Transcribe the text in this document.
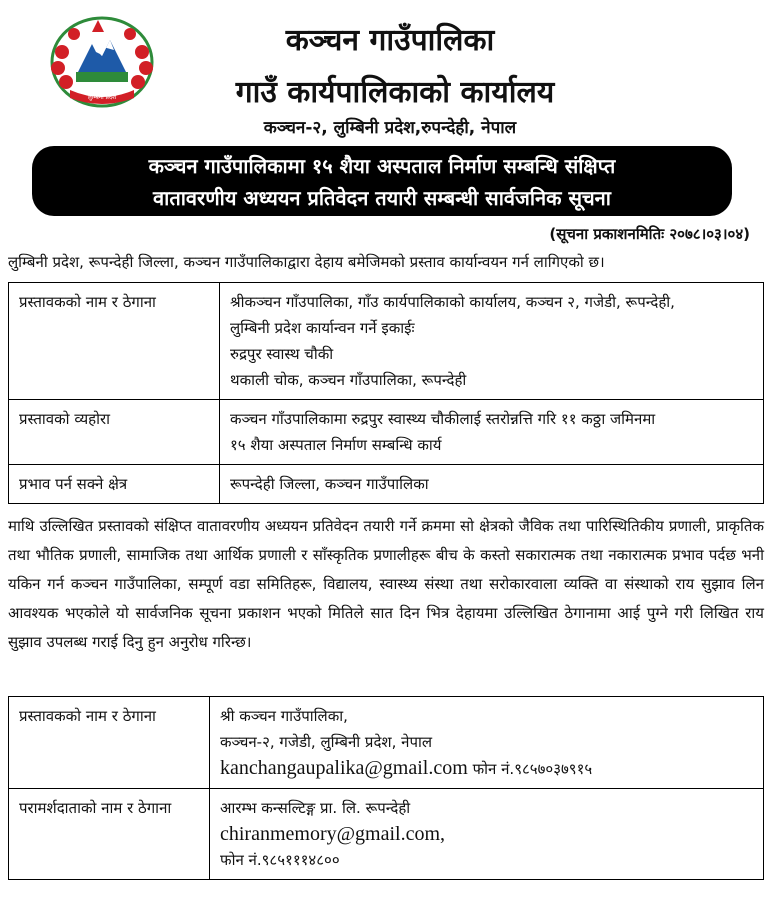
लुम्बिनी प्रदेश
कञ्चन गाउँपालिका
गाउँ कार्यपालिकाको कार्यालय
कञ्चन-२, लुम्बिनी प्रदेश,रुपन्देही, नेपाल
कञ्चन गाउँपालिकामा १५ शैया अस्पताल निर्माण सम्बन्धि संक्षिप्त
वातावरणीय अध्ययन प्रतिवेदन तयारी सम्बन्धी सार्वजनिक सूचना
(सूचना प्रकाशनमितिः २०७८।०३।०४)
लुम्बिनी प्रदेश, रूपन्देही जिल्ला, कञ्चन गाउँपालिकाद्वारा देहाय बमेजिमको प्रस्ताव कार्यान्वयन गर्न लागिएको छ।
प्रस्तावकको नाम र ठेगाना	श्रीकञ्चन गाँउपालिका, गाँउ कार्यपालिकाको कार्यालय, कञ्चन २, गजेडी, रूपन्देही,
लुम्बिनी प्रदेश कार्यान्वन गर्ने इकाईः
रुद्रपुर स्वास्थ चौकी
थकाली चोक, कञ्चन गाँउपालिका, रूपन्देही

प्रस्तावको व्यहोरा	कञ्चन गाँउपालिकामा रुद्रपुर स्वास्थ्य चौकीलाई स्तरोन्नत्ति गरि ११ कठ्ठा जमिनमा
१५ शैया अस्पताल निर्माण सम्बन्धि कार्य

प्रभाव पर्न सक्ने क्षेत्र	रूपन्देही जिल्ला, कञ्चन गाउँपालिका
माथि उल्लिखित प्रस्तावको संक्षिप्त वातावरणीय अध्ययन प्रतिवेदन तयारी गर्ने क्रममा सो क्षेत्रको जैविक तथा पारिस्थितिकीय प्रणाली, प्राकृतिक तथा भौतिक प्रणाली, सामाजिक तथा आर्थिक प्रणाली र साँस्कृतिक प्रणालीहरू बीच के कस्तो सकारात्मक तथा नकारात्मक प्रभाव पर्दछ भनी यकिन गर्न कञ्चन गाउँपालिका, सम्पूर्ण वडा समितिहरू, विद्यालय, स्वास्थ्य संस्था तथा सरोकारवाला व्यक्ति वा संस्थाको राय सुझाव लिन आवश्यक भएकोले यो सार्वजनिक सूचना प्रकाशन भएको मितिले सात दिन भित्र देहायमा उल्लिखित ठेगानामा आई पुग्ने गरी लिखित राय सुझाव उपलब्ध गराई दिनु हुन अनुरोध गरिन्छ।
प्रस्तावकको नाम र ठेगाना	श्री कञ्चन गाउँपालिका,
कञ्चन-२, गजेडी, लुम्बिनी प्रदेश, नेपाल
kanchangaupalika@gmail.com फोन नं.९८५७०३७९१५

परामर्शदाताको नाम र ठेगाना	आरम्भ कन्सल्टिङ्ग प्रा. लि. रूपन्देही
chiranmemory@gmail.com,
फोन नं.९८५१११४८००
